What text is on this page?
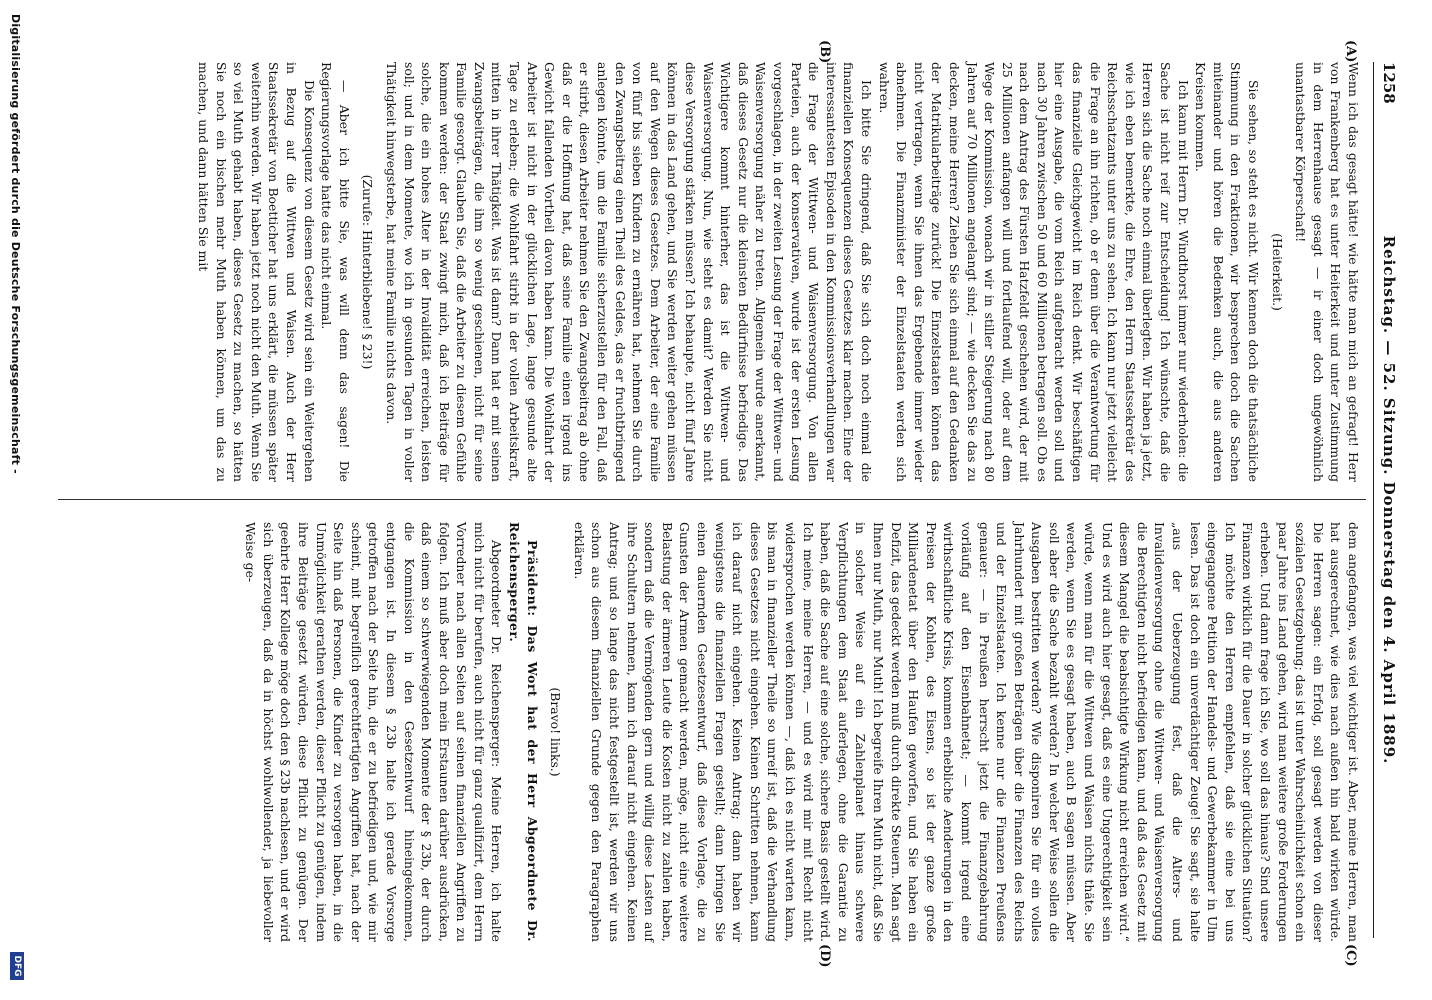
1258
Reichstag. — 52. Sitzung. Donnerstag den 4. April 1889.
(A)
(B)
(C)
(D)

Wenn ich das gesagt hätte! wie hätte man mich an gefragt! Herr von Frankenberg hat es unter Heiterkeit und unter Zustimmung in dem Herrenhause gesagt — ir einer doch ungewöhnlich unantastbarer Körperschaft!

(Heiterkeit.)

Sie sehen, so steht es nicht. Wir kennen doch die thatsächliche Stimmung in den Fraktionen, wir besprechen doch die Sachen miteinander und hören die Bedenken auch, die aus anderen Kreisen kommen.

Ich kann mit Herrn Dr. Windthorst immer nur wiederholen: die Sache ist nicht reif zur Entscheidung! Ich wünschte, daß die Herren sich die Sache noch einmal überlegten. Wir haben ja jetzt, wie ich eben bemerkte, die Ehre, den Herrn Staatssekretär des Reichsschatzamts unter uns zu sehen. Ich kann nur jetzt vielleicht die Frage an ihn richten, ob er denn über die Verantwortung für das finanzielle Gleichgewicht im Reich denkt. Wir beschäftigen hier eine Ausgabe, die vom Reich aufgebracht werden soll und nach 30 Jahren zwischen 50 und 60 Millionen betragen soll. Ob es nach dem Antrag des Fürsten Hatzfeldt geschehen wird, der mit 25 Millionen anfangen will und fortlaufend will, oder auf dem Wege der Kommission, wonach wir in stiller Steigerung nach 80 Jahren auf 70 Millionen angelangt sind; — wie decken Sie das zu decken, meine Herren? Ziehen Sie sich einmal auf den Gedanken der Matrikularbeiträge zurück! Die Einzelstaaten können das nicht vertragen, wenn Sie ihnen das Ergebende immer wieder abnehmen. Die Finanzminister der Einzelstaaten werden sich wahren.

Ich bitte Sie dringend, daß Sie sich doch noch einmal die finanziellen Konsequenzen dieses Gesetzes klar machen. Eine der interessantesten Episoden in den Kommissionsverhandlungen war die Frage der Wittwen- und Waisenversorgung. Von allen Parteien, auch der konservativen, wurde ist der ersten Lesung vorgeschlagen, in der zweiten Lesung der Frage der Wittwen- und Waisenversorgung näher zu treten. Allgemein wurde anerkannt, daß dieses Gesetz nur die kleinsten Bedürfnisse befriedige. Das Wichtigere kommt hinterher, das ist die Wittwen- und Waisenversorgung. Nun, wie steht es damit? Werden Sie nicht diese Versorgung stärken müssen? Ich behaupte, nicht fünf Jahre können in das Land gehen, und Sie werden weiter gehen müssen auf den Wegen dieses Gesetzes. Dem Arbeiter, der eine Familie von fünf bis sieben Kindern zu ernähren hat, nehmen Sie durch den Zwangsbeitrag einen Theil des Geldes, das er fruchtbringend anlegen könnte, um die Familie sicherzustellen für den Fall, daß er stirbt, diesen Arbeiter nehmen Sie den Zwangsbeitrag ab ohne daß er die Hoffnung hat, daß seine Familie einen irgend ins Gewicht fallenden Vortheil davon haben kann. Die Wohlfahrt der Arbeiter ist nicht in der glücklichen Lage, lange gesunde alte Tage zu erleben; die Wohlfahrt stirbt in der vollen Arbeitskraft, mitten in ihrer Thätigkeit. Was ist dann? Dann hat er mit seinen Zwangsbeiträgen, die ihm so wenig geschienen, nicht für seine Familie gesorgt. Glauben Sie, daß die Arbeiter zu diesem Gefühle kommen werden: der Staat zwingt mich, daß ich Beiträge für solche, die ein hohes Alter in der Invalidität erreichen, leisten soll; und in dem Momente, wo ich in gesunden Tagen in voller Thätigkeit hinwegsterbe, hat meine Familie nichts davon.

(Zurufe: Hinterbliebene! § 23!)

— Aber ich bitte Sie, was will denn das sagen! Die Regierungsvorlage hatte das nicht einmal.

Die Konsequenz von diesem Gesetz wird sein ein Weitergehen in Bezug auf die Wittwen und Waisen. Auch der Herr Staatssekretär von Boetticher hat uns erklärt, die müssen später weiterhin werden. Wir haben jetzt noch nicht den Muth. Wenn Sie so viel Muth gehabt haben, dieses Gesetz zu machen, so hätten Sie noch ein bischen mehr Muth haben können, um das zu machen, und dann hätten Sie mit

dem angefangen, was viel wichtiger ist. Aber, meine Herren, man hat ausgerechnet, wie dies nach außen hin bald wirken würde. Die Herren sagen: ein Erfolg, soll gesagt werden von dieser sozialen Gesetzgebung; das ist unter Wahrscheinlichkeit schon ein paar Jahre ins Land gehen, wird man weitere große Forderungen erheben. Und dann frage ich Sie, wo soll das hinaus? Sind unsere Finanzen wirklich für die Dauer in solcher glücklichen Situation? Ich möchte den Herren empfehlen, daß sie eine bei uns eingegangene Petition der Handels- und Gewerbekammer in Ulm lesen. Das ist doch ein unverdächtiger Zeuge! Sie sagt, sie halte „aus der Ueberzeugung fest, daß die Alters- und Invalidenversorgung ohne die Wittwen- und Waisenversorgung die Berechtigten nicht befriedigen kann, und daß das Gesetz mit diesem Mangel die beabsichtigte Wirkung nicht erreichen wird.“ Und es wird auch hier gesagt, daß es eine Ungerechtigkeit sein würde, wenn man für die Wittwen und Waisen nichts thäte. Sie werden, wenn Sie es gesagt haben, auch B sagen müssen. Aber soll aber die Sache bezahlt werden? In welcher Weise sollen die Ausgaben bestritten werden? Wie disponiren Sie für ein volles Jahrhundert mit großen Beträgen über die Finanzen des Reichs und der Einzelstaaten. Ich kenne nur die Finanzen Preußens genauer: — in Preußen herrscht jetzt die Finanzgebahrung vorläufig auf den Eisenbahnetat; — kommt irgend eine wirthschaftliche Krisis, kommen erhebliche Aenderungen in den Preisen der Kohlen, des Eisens, so ist der ganze große Milliardenetat über den Haufen geworfen, und Sie haben ein Defizit, das gedeckt werden muß durch direkte Steuern. Man sagt Ihnen nur Muth, nur Muth! Ich begreife Ihren Muth nicht, daß Sie in solcher Weise auf ein Zahlenplanet hinaus schwere Verpflichtungen dem Staat auferlegen, ohne die Garantie zu haben, daß die Sache auf eine solche, sichere Basis gestellt wird. Ich meine, meine Herren, — und es wird mir mit Recht nicht widersprochen werden können —, daß ich es nicht warten kann, bis man in finanzieller Theile so unreif ist, daß die Verhandlung dieses Gesetzes nicht eingehen. Keinen Schritten nehmen, kann ich darauf nicht eingehen. Keinen Antrag; dann haben wir wenigstens die finanziellen Fragen gestellt; dann bringen Sie einen dauernden Gesetzesentwurf, daß diese Vorlage, die zu Gunsten der Armen gemacht werden, möge, nicht eine weitere Belastung der ärmeren Leute die Kosten nicht zu zahlen haben, sondern daß die Vermögenden gern und willig diese Lasten auf ihre Schultern nehmen, kann ich darauf nicht eingehen. Keinen Antrag; und so lange das nicht festgestellt ist, werden wir uns schon aus diesem finanziellen Grunde gegen den Paragraphen erklären.

(Bravo! links.)

Präsident: Das Wort hat der Herr Abgeordnete Dr. Reichensperger.

Abgeordneter Dr. Reichensperger: Meine Herren, ich halte mich nicht für berufen, auch nicht für ganz qualifizirt, dem Herrn Vorredner nach allen Seiten auf seinen finanziellen Angriffen zu folgen. Ich muß aber doch mein Erstaunen darüber ausdrücken, daß einem so schwerwiegenden Momente der § 23b, der durch die Kommission in den Gesetzentwurf hineingekommen, entgangen ist. In diesem § 23b halte ich gerade Vorsorge getroffen nach der Seite hin, die er zu befriedigen und, wie mir scheint, mit begreiflich gerechtfertigten Angriffen hat, nach der Seite hin daß Personen, die Kinder zu versorgen haben, in die Unmöglichkeit gerathen werden, dieser Pflicht zu genügen, indem ihre Beiträge gesetzt würden, diese Pflicht zu genügen. Der geehrte Herr Kollege möge doch den § 23b nachlesen, und er wird sich überzeugen, daß da in höchst wohlwollender, ja liebevoller Weise ge-

Digitalisierung gefördert durch die Deutsche Forschungsgemeinschaft -
DFG
